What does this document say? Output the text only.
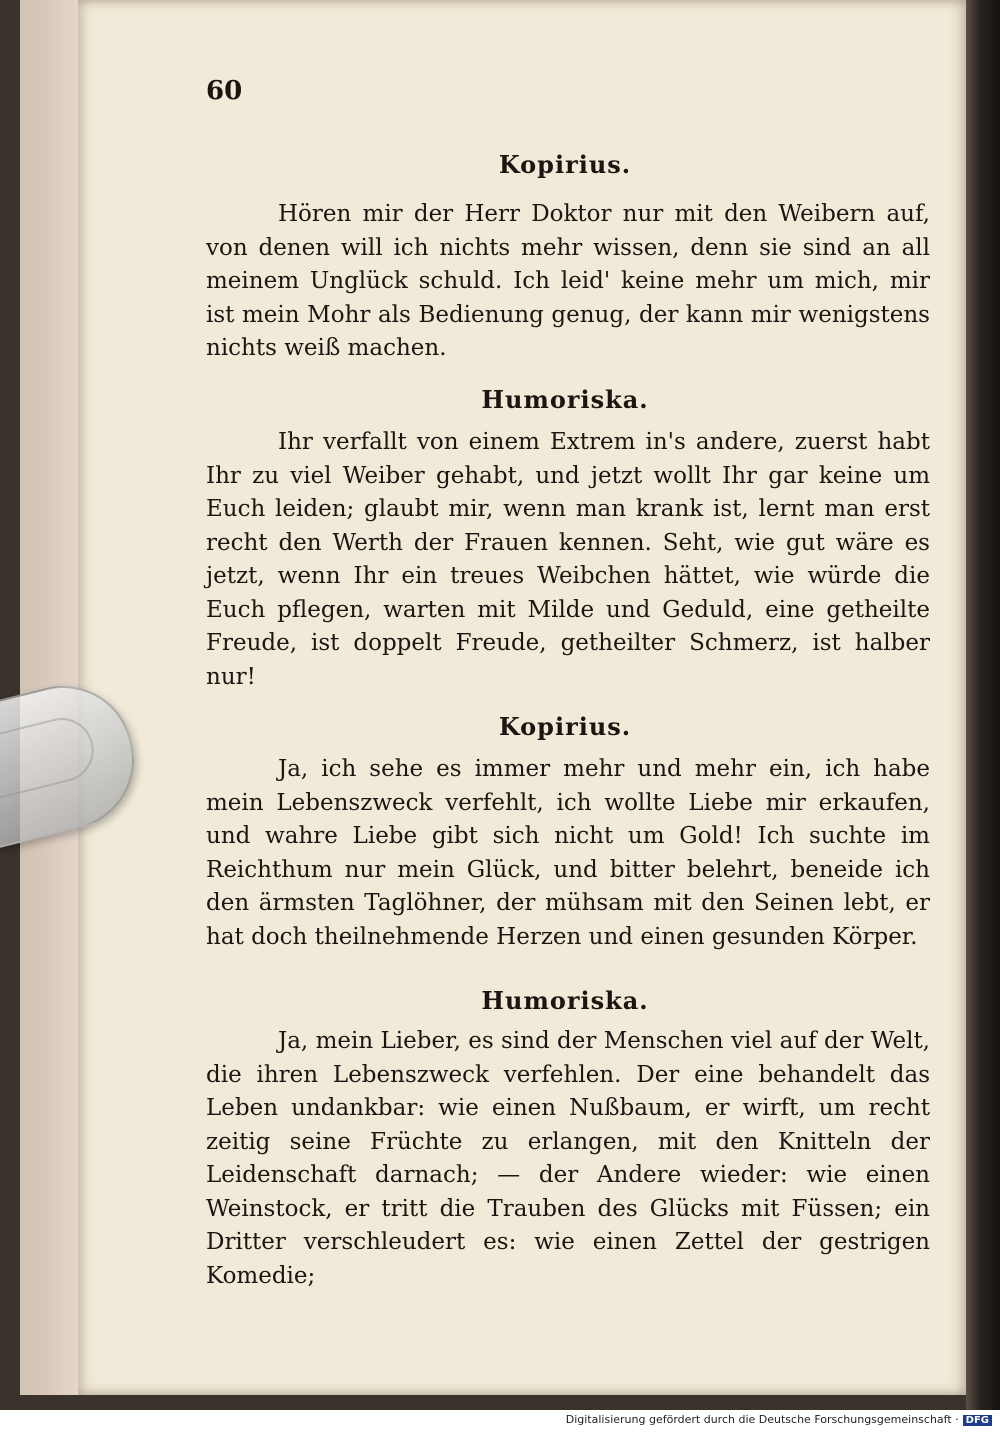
60
Kopirius.

Hören mir der Herr Doktor nur mit den Weibern auf, von denen will ich nichts mehr wissen, denn sie sind an all meinem Unglück schuld. Ich leid' keine mehr um mich, mir ist mein Mohr als Bedienung genug, der kann mir wenigstens nichts weiß machen.

Humoriska.

Ihr verfallt von einem Extrem in's andere, zuerst habt Ihr zu viel Weiber gehabt, und jetzt wollt Ihr gar keine um Euch leiden; glaubt mir, wenn man krank ist, lernt man erst recht den Werth der Frauen kennen. Seht, wie gut wäre es jetzt, wenn Ihr ein treues Weibchen hättet, wie würde die Euch pflegen, warten mit Milde und Geduld, eine getheilte Freude, ist doppelt Freude, getheilter Schmerz, ist halber nur!

Kopirius.

Ja, ich sehe es immer mehr und mehr ein, ich habe mein Lebenszweck verfehlt, ich wollte Liebe mir erkaufen, und wahre Liebe gibt sich nicht um Gold! Ich suchte im Reichthum nur mein Glück, und bitter belehrt, beneide ich den ärmsten Taglöhner, der mühsam mit den Seinen lebt, er hat doch theilnehmende Herzen und einen gesunden Körper.

Humoriska.

Ja, mein Lieber, es sind der Menschen viel auf der Welt, die ihren Lebenszweck verfehlen. Der eine behandelt das Leben undankbar: wie einen Nußbaum, er wirft, um recht zeitig seine Früchte zu erlangen, mit den Knitteln der Leidenschaft darnach; — der Andere wieder: wie einen Weinstock, er tritt die Trauben des Glücks mit Füssen; ein Dritter verschleudert es: wie einen Zettel der gestrigen Komedie;

Digitalisierung gefördert durch die Deutsche Forschungsgemeinschaft · DFG
